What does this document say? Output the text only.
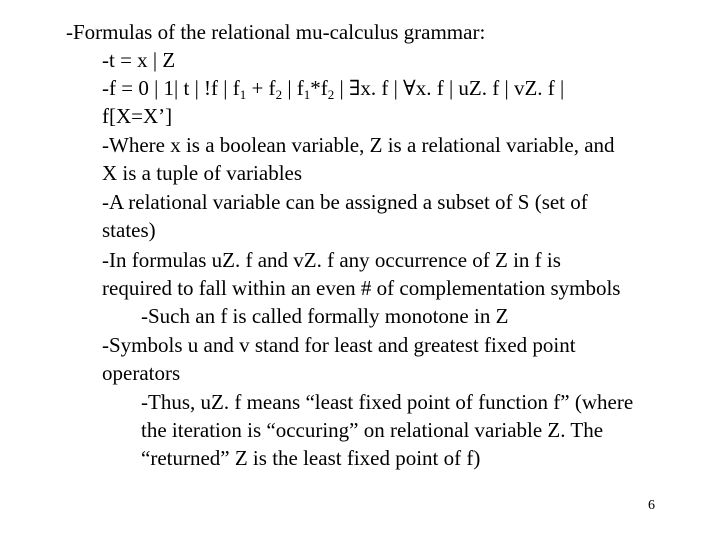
-Formulas of the relational mu-calculus grammar:
-t = x | Z
-f = 0 | 1| t | !f | $f_1 + f_2$ | $f_1*f_2$ | ∃x. f | ∀x. f | uZ. f | vZ. f |
f[X=X’]
-Where x is a boolean variable, Z is a relational variable, and
X is a tuple of variables
-A relational variable can be assigned a subset of S (set of
states)
-In formulas uZ. f and vZ. f any occurrence of Z in f is
required to fall within an even # of complementation symbols
-Such an f is called formally monotone in Z
-Symbols u and v stand for least and greatest fixed point
operators
-Thus, uZ. f means “least fixed point of function f” (where
the iteration is “occuring” on relational variable Z. The
“returned” Z is the least fixed point of f)
6
